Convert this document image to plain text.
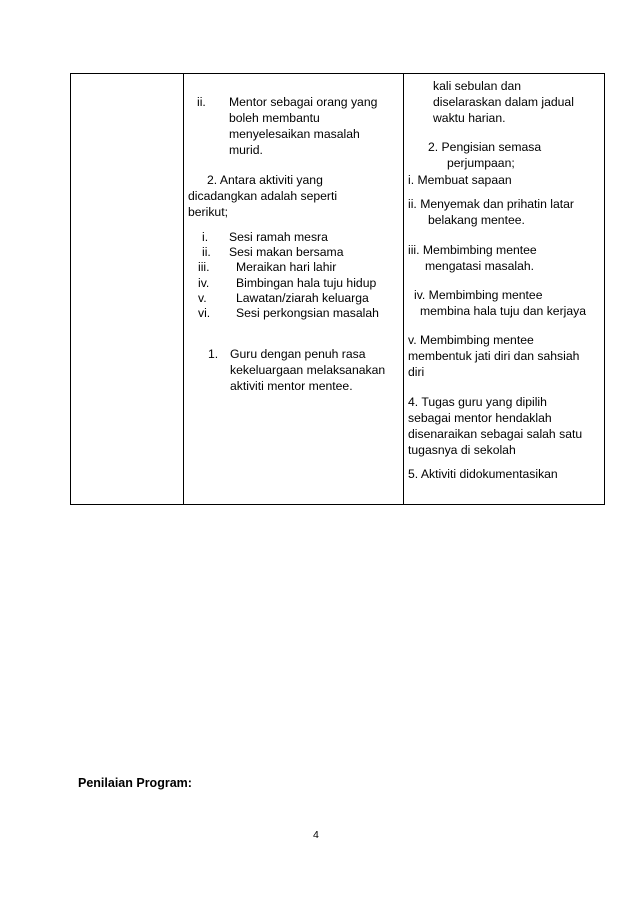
ii. Mentor sebagai orang yang
boleh membantu
menyelesaikan masalah
murid.
2. Antara aktiviti yang
dicadangkan adalah seperti
berikut;
i. Sesi ramah mesra
ii. Sesi makan bersama
iii. Meraikan hari lahir
iv. Bimbingan hala tuju hidup
v. Lawatan/ziarah keluarga
vi. Sesi perkongsian masalah
1. Guru dengan penuh rasa
kekeluargaan melaksanakan
aktiviti mentor mentee.

kali sebulan dan
diselaraskan dalam jadual
waktu harian.
2. Pengisian semasa
perjumpaan;
i. Membuat sapaan
ii. Menyemak dan prihatin latar
belakang mentee.
iii. Membimbing mentee
mengatasi masalah.
iv. Membimbing mentee
membina hala tuju dan kerjaya
v. Membimbing mentee
membentuk jati diri dan sahsiah
diri
4. Tugas guru yang dipilih
sebagai mentor hendaklah
disenaraikan sebagai salah satu
tugasnya di sekolah
5. Aktiviti didokumentasikan
Penilaian Program:
4
